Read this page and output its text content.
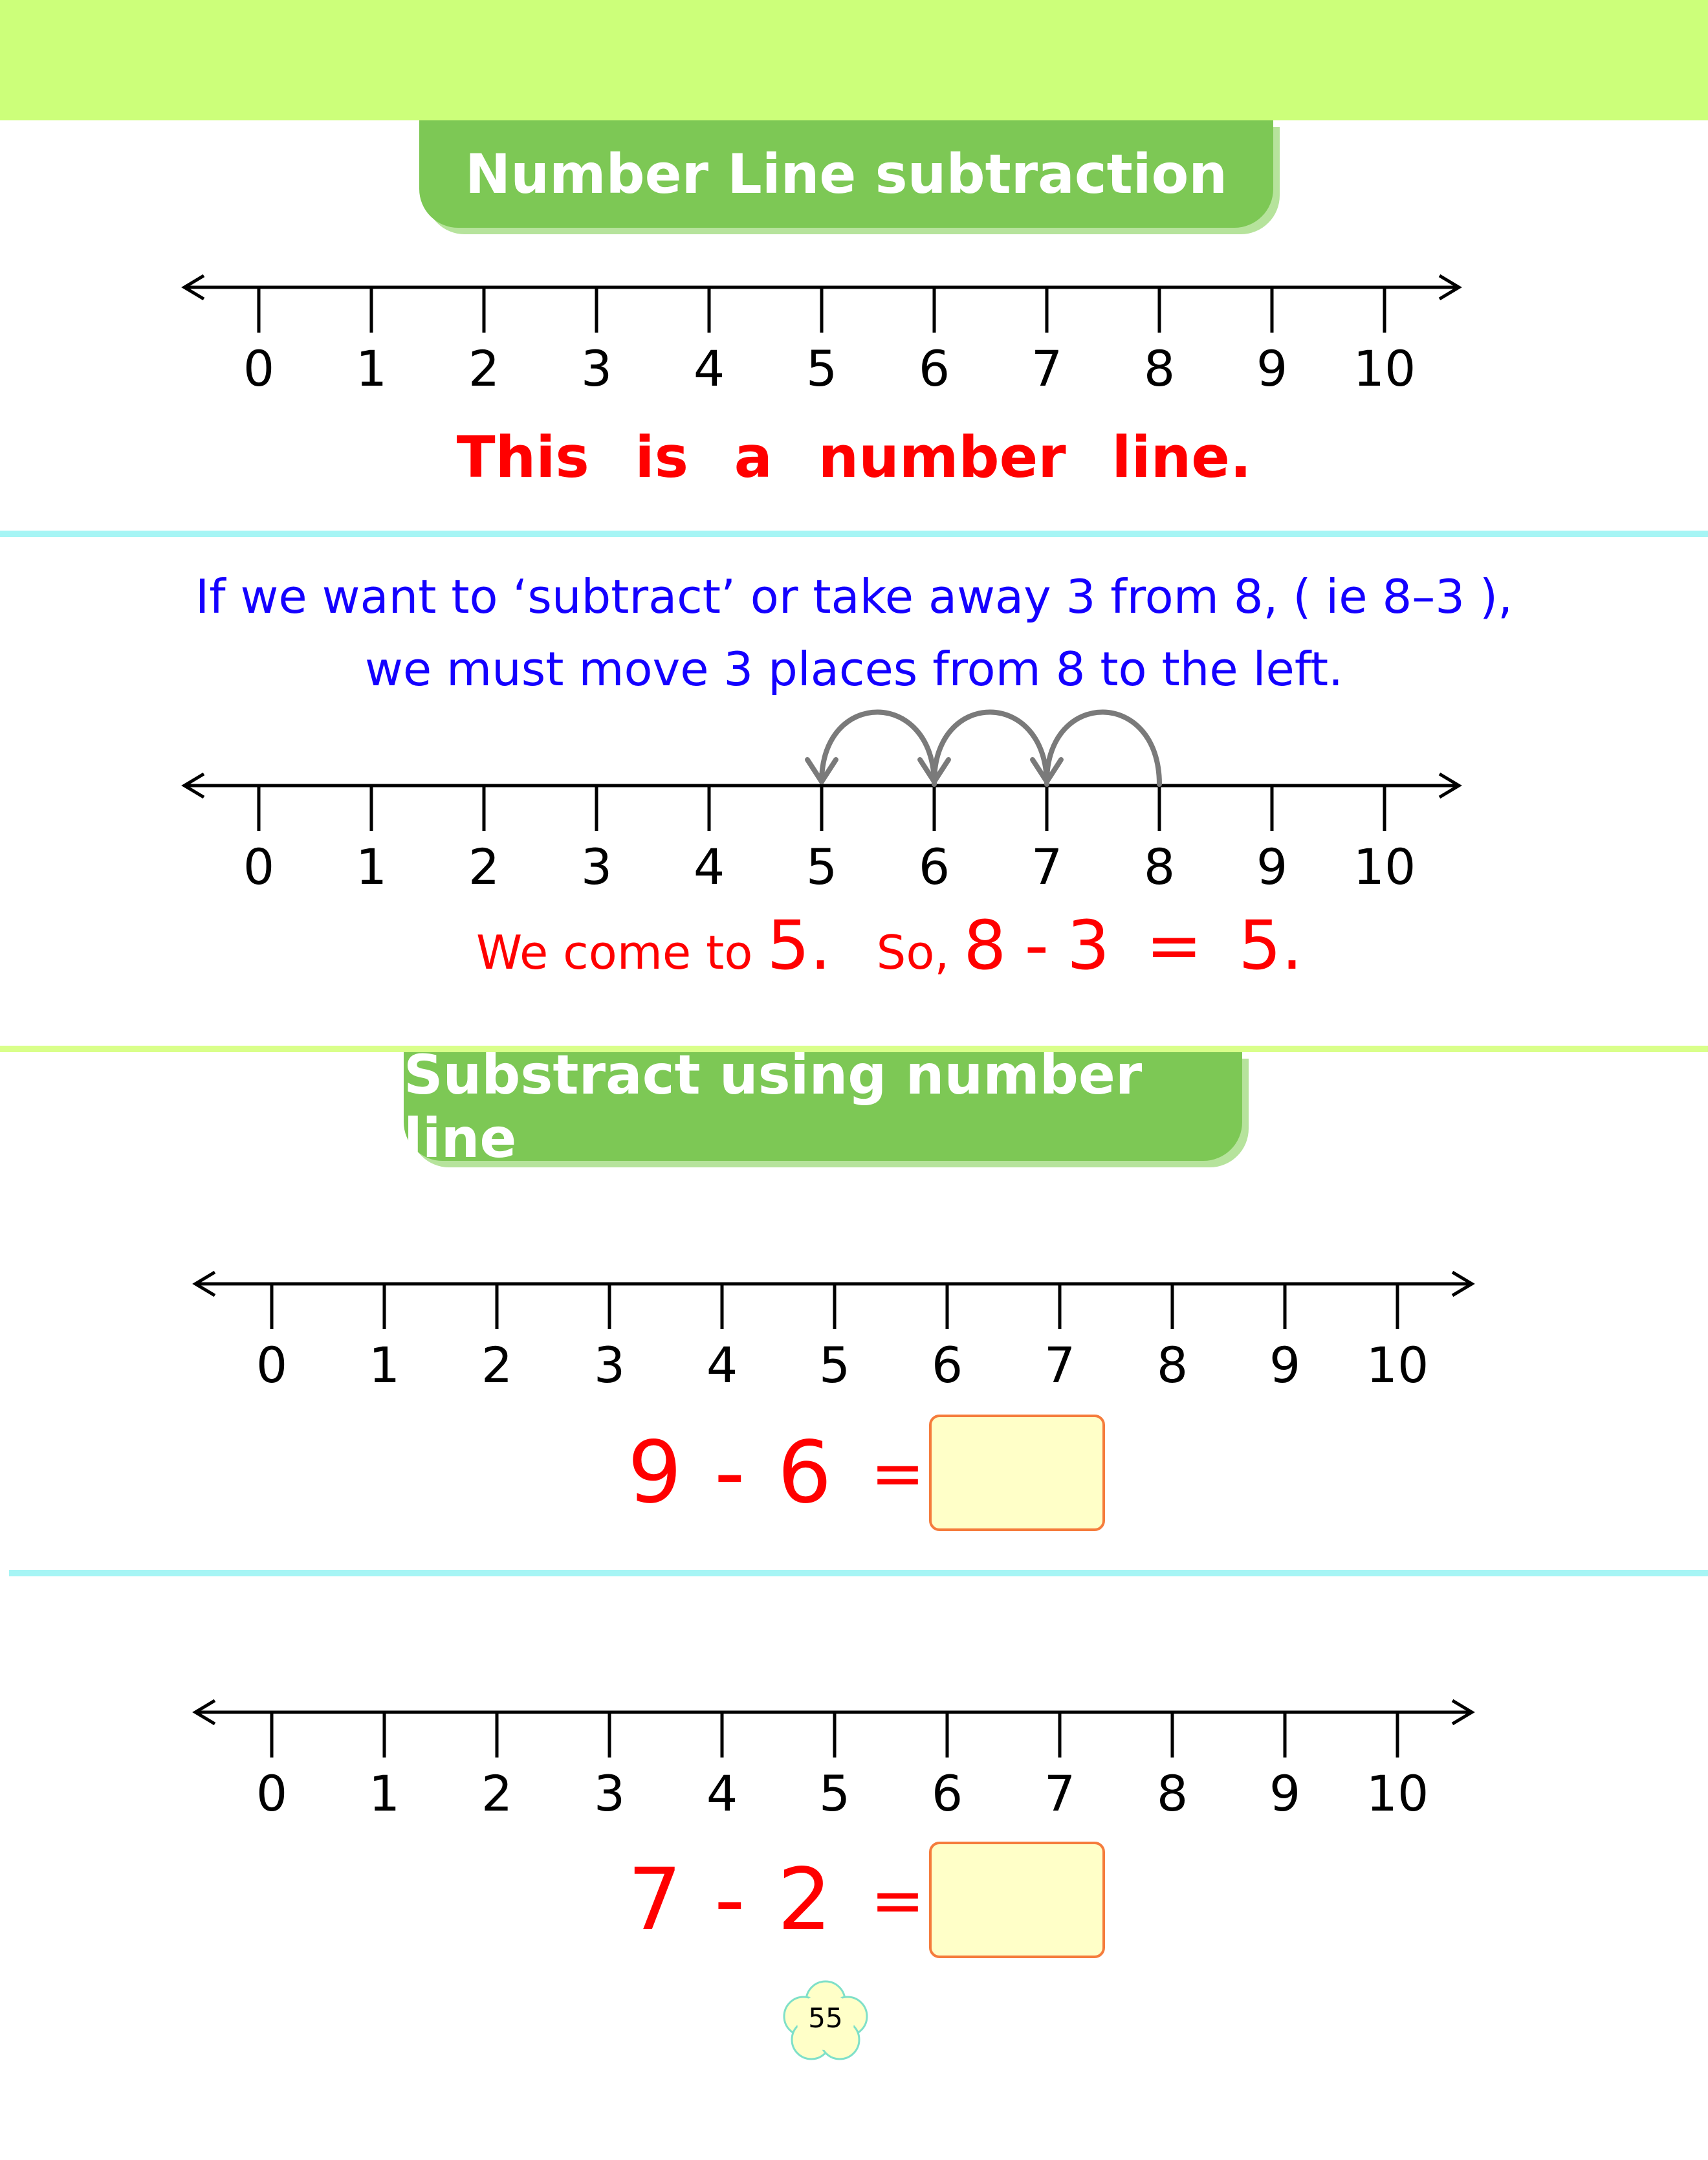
Number Line subtraction
0 1 2 3 4 5 6 7 8 9 10
This is a number line.
If we want to ‘subtract’ or take away 3 from 8, ( ie 8–3 ),
we must move 3 places from 8 to the left.
0 1 2 3 4 5 6 7 8 9 10
We come to 5. So, 8 - 3 = 5 .
Substract using number line
0 1 2 3 4 5 6 7 8 9 10
9 - 6 =
0 1 2 3 4 5 6 7 8 9 10
7 - 2 =
55
